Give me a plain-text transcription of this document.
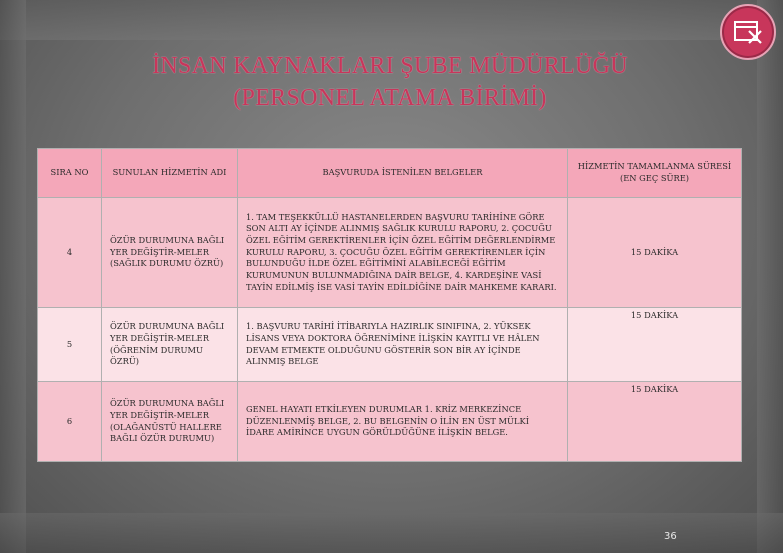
İNSAN KAYNAKLARI ŞUBE MÜDÜRLÜĞÜ
(PERSONEL ATAMA BİRİMİ)
SIRA NO	SUNULAN HİZMETİN ADI	BAŞVURUDA İSTENİLEN BELGELER	HİZMETİN TAMAMLANMA SÜRESİ (EN GEÇ SÜRE)
4	ÖZÜR DURUMUNA BAĞLI YER DEĞİŞTİR-MELER (SAĞLIK DURUMU ÖZRÜ)	1. TAM TEŞEKKÜLLÜ HASTANELERDEN BAŞVURU TARİHİNE GÖRE SON ALTI AY İÇİNDE ALINMIŞ SAĞLIK KURULU RAPORU, 2. ÇOCUĞU ÖZEL EĞİTİM GEREKTİRENLER İÇİN ÖZEL EĞİTİM DEĞERLENDİRME KURULU RAPORU, 3. ÇOCUĞU ÖZEL EĞİTİM GEREKTİRENLER İÇİN BULUNDUĞU İLDE ÖZEL EĞİTİMİNİ ALABİLECEĞİ EĞİTİM KURUMUNUN BULUNMADIĞINA DAİR BELGE, 4. KARDEŞİNE VASİ TAYİN EDİLMİŞ İSE VASİ TAYİN EDİLDİĞİNE DAİR MAHKEME KARARI.	15 DAKİKA
5	ÖZÜR DURUMUNA BAĞLI YER DEĞİŞTİR-MELER (ÖĞRENİM DURUMU ÖZRÜ)	1. BAŞVURU TARİHİ İTİBARIYLA HAZIRLIK SINIFINA, 2. YÜKSEK LİSANS VEYA DOKTORA ÖĞRENİMİNE İLİŞKİN KAYITLI VE HÂLEN DEVAM ETMEKTE OLDUĞUNU GÖSTERİR SON BİR AY İÇİNDE ALINMIŞ BELGE	15 DAKİKA
6	ÖZÜR DURUMUNA BAĞLI YER DEĞİŞTİR-MELER (OLAĞANÜSTÜ HALLERE BAĞLI ÖZÜR DURUMU)	GENEL HAYATI ETKİLEYEN DURUMLAR 1. KRİZ MERKEZİNCE DÜZENLENMİŞ BELGE, 2. BU BELGENİN O İLİN EN ÜST MÜLKİ İDARE AMİRİNCE UYGUN GÖRÜLDÜĞÜNE İLİŞKİN BELGE.	15 DAKİKA
36
